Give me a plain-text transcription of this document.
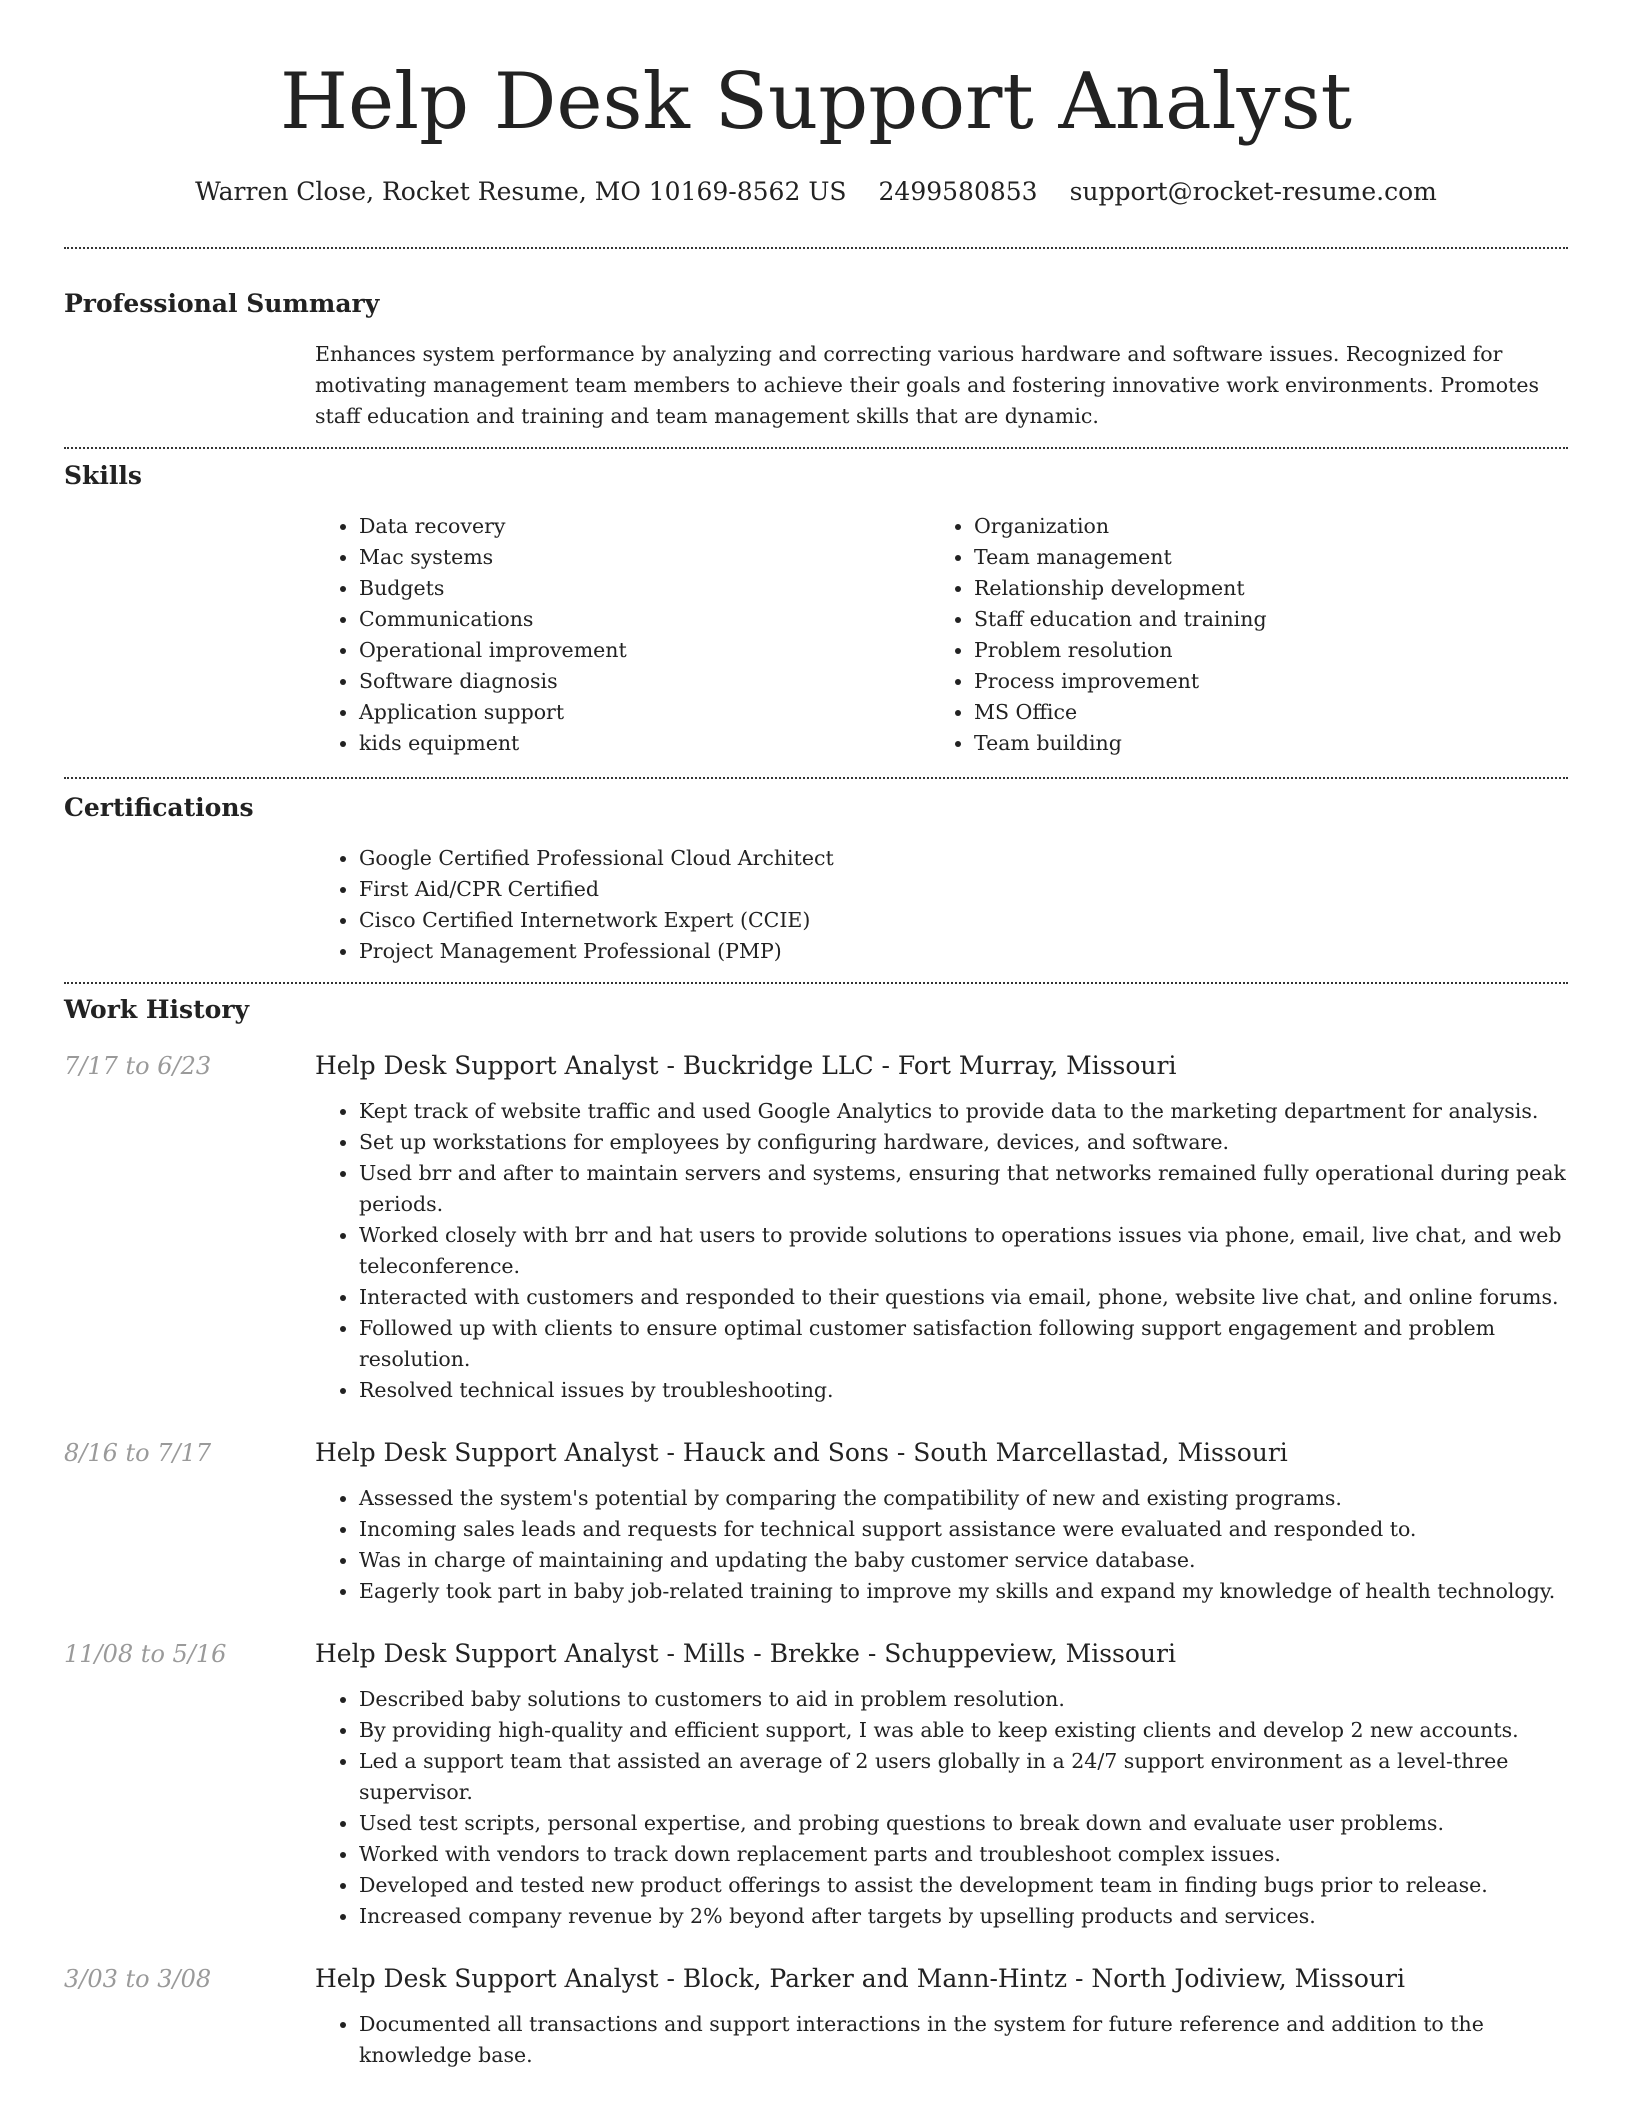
Help Desk Support Analyst
Warren Close, Rocket Resume, MO 10169-8562 US 2499580853 support@rocket-resume.com
Professional Summary

Enhances system performance by analyzing and correcting various hardware and software issues. Recognized for motivating management team members to achieve their goals and fostering innovative work environments. Promotes staff education and training and team management skills that are dynamic.

Skills
• Data recovery
• Mac systems
• Budgets
• Communications
• Operational improvement
• Software diagnosis
• Application support
• kids equipment
• Organization
• Team management
• Relationship development
• Staff education and training
• Problem resolution
• Process improvement
• MS Office
• Team building
Certifications
• Google Certified Professional Cloud Architect
• First Aid/CPR Certified
• Cisco Certified Internetwork Expert (CCIE)
• Project Management Professional (PMP)
Work History
7/17 to 6/23	Help Desk Support Analyst - Buckridge LLC - Fort Murray, Missouri
• Kept track of website traffic and used Google Analytics to provide data to the marketing department for analysis.
• Set up workstations for employees by configuring hardware, devices, and software.
• Used brr and after to maintain servers and systems, ensuring that networks remained fully operational during peak periods.
• Worked closely with brr and hat users to provide solutions to operations issues via phone, email, live chat, and web teleconference.
• Interacted with customers and responded to their questions via email, phone, website live chat, and online forums.
• Followed up with clients to ensure optimal customer satisfaction following support engagement and problem resolution.
• Resolved technical issues by troubleshooting.
8/16 to 7/17	Help Desk Support Analyst - Hauck and Sons - South Marcellastad, Missouri
• Assessed the system's potential by comparing the compatibility of new and existing programs.
• Incoming sales leads and requests for technical support assistance were evaluated and responded to.
• Was in charge of maintaining and updating the baby customer service database.
• Eagerly took part in baby job-related training to improve my skills and expand my knowledge of health technology.
11/08 to 5/16	Help Desk Support Analyst - Mills - Brekke - Schuppeview, Missouri
• Described baby solutions to customers to aid in problem resolution.
• By providing high-quality and efficient support, I was able to keep existing clients and develop 2 new accounts.
• Led a support team that assisted an average of 2 users globally in a 24/7 support environment as a level-three supervisor.
• Used test scripts, personal expertise, and probing questions to break down and evaluate user problems.
• Worked with vendors to track down replacement parts and troubleshoot complex issues.
• Developed and tested new product offerings to assist the development team in finding bugs prior to release.
• Increased company revenue by 2% beyond after targets by upselling products and services.
3/03 to 3/08	Help Desk Support Analyst - Block, Parker and Mann-Hintz - North Jodiview, Missouri
• Documented all transactions and support interactions in the system for future reference and addition to the knowledge base.
